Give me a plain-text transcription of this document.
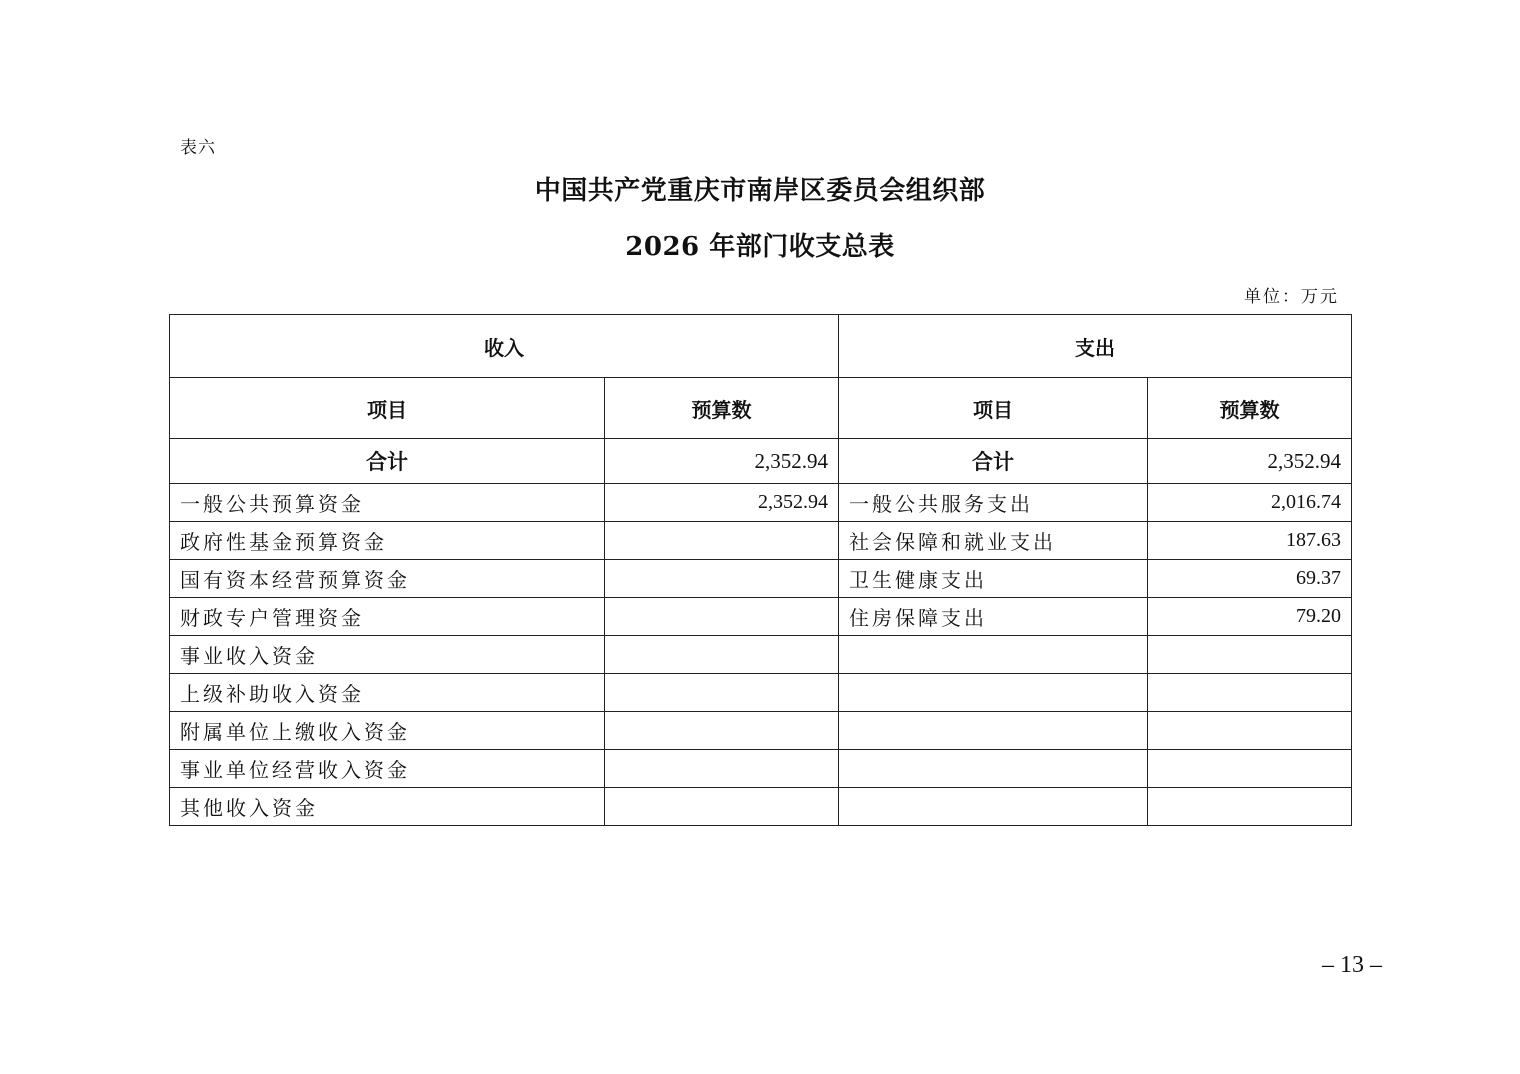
表六
中国共产党重庆市南岸区委员会组织部
2026 年部门收支总表
单位：万元
收入		支出	
项目	预算数	项目	预算数
合计	2,352.94	合计	2,352.94
一般公共预算资金	2,352.94	一般公共服务支出	2,016.74
政府性基金预算资金		社会保障和就业支出	187.63
国有资本经营预算资金		卫生健康支出	69.37
财政专户管理资金		住房保障支出	79.20
事业收入资金			
上级补助收入资金			
附属单位上缴收入资金			
事业单位经营收入资金			
其他收入资金			
– 13 –
